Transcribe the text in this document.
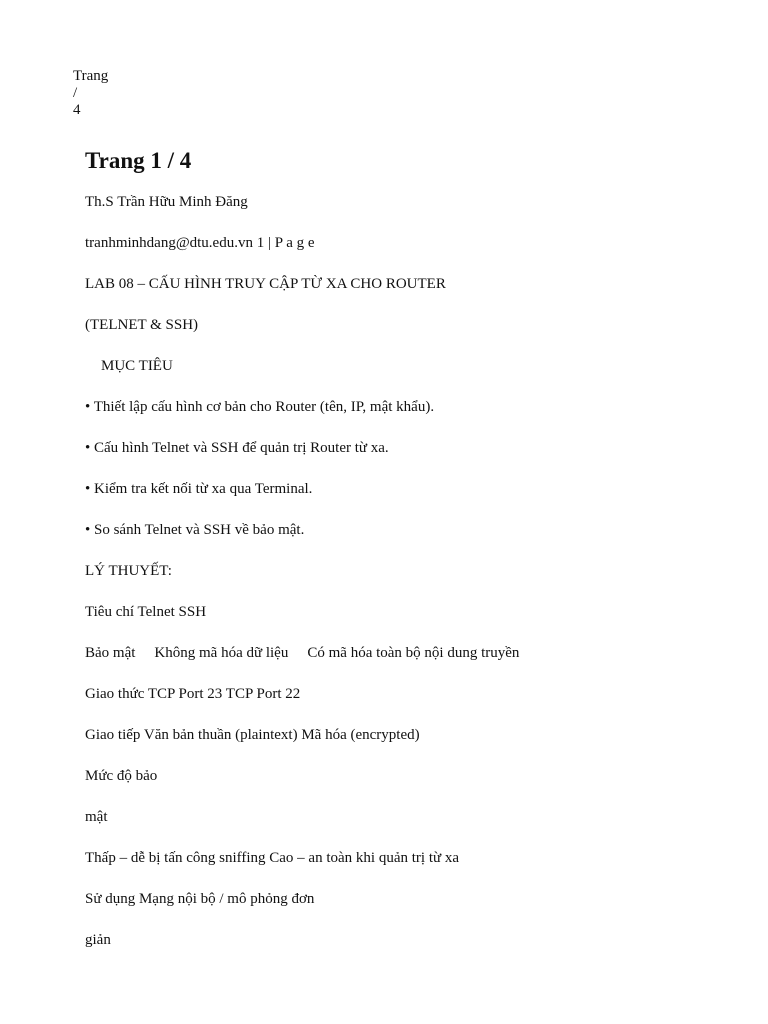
Trang
/
4
Trang 1 / 4
Th.S Trần Hữu Minh Đăng
tranhminhdang@dtu.edu.vn 1 | P a g e
LAB 08 – CẤU HÌNH TRUY CẬP TỪ XA CHO ROUTER
(TELNET & SSH)
MỤC TIÊU
• Thiết lập cấu hình cơ bản cho Router (tên, IP, mật khẩu).
• Cấu hình Telnet và SSH để quản trị Router từ xa.
• Kiểm tra kết nối từ xa qua Terminal.
• So sánh Telnet và SSH về bảo mật.
LÝ THUYẾT:
Tiêu chí Telnet SSH
Bảo mật Không mã hóa dữ liệu Có mã hóa toàn bộ nội dung truyền
Giao thức TCP Port 23 TCP Port 22
Giao tiếp Văn bản thuần (plaintext) Mã hóa (encrypted)
Mức độ bảo
mật
Thấp – dễ bị tấn công sniffing Cao – an toàn khi quản trị từ xa
Sử dụng Mạng nội bộ / mô phỏng đơn
giản
